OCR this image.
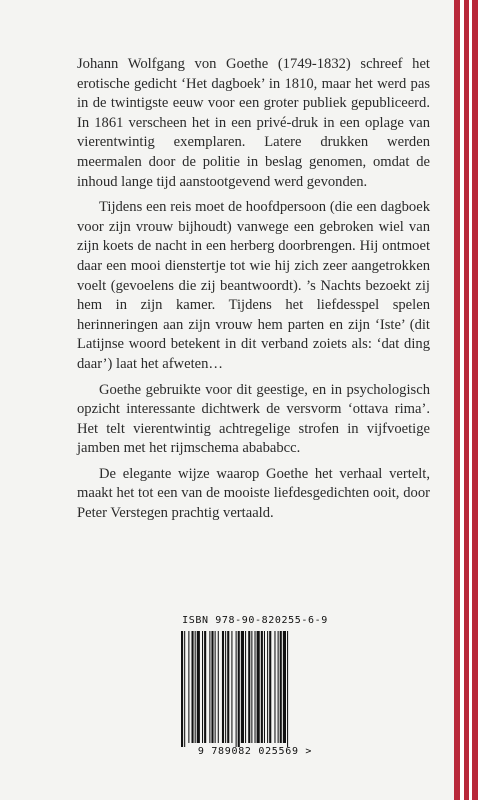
Johann Wolfgang von Goethe (1749-1832) schreef het erotische gedicht ‘Het dagboek’ in 1810, maar het werd pas in de twintigste eeuw voor een groter publiek gepubliceerd. In 1861 verscheen het in een privé-druk in een oplage van vierentwintig exemplaren. Latere drukken werden meermalen door de politie in beslag genomen, omdat de inhoud lange tijd aanstootgevend werd gevonden.

Tijdens een reis moet de hoofdpersoon (die een dagboek voor zijn vrouw bijhoudt) vanwege een gebroken wiel van zijn koets de nacht in een herberg doorbrengen. Hij ontmoet daar een mooi dienstertje tot wie hij zich zeer aangetrokken voelt (gevoelens die zij beantwoordt). ’s Nachts bezoekt zij hem in zijn kamer. Tijdens het liefdesspel spelen herinneringen aan zijn vrouw hem parten en zijn ‘Iste’ (dit Latijnse woord betekent in dit verband zoiets als: ‘dat ding daar’) laat het afweten…

Goethe gebruikte voor dit geestige, en in psychologisch opzicht interessante dichtwerk de versvorm ‘ottava rima’. Het telt vierentwintig achtregelige strofen in vijfvoetige jamben met het rijmschema abababcc.

De elegante wijze waarop Goethe het verhaal vertelt, maakt het tot een van de mooiste liefdesgedichten ooit, door Peter Verstegen prachtig vertaald.

ISBN 978-90-820255-6-9
9 789082 025569 >
